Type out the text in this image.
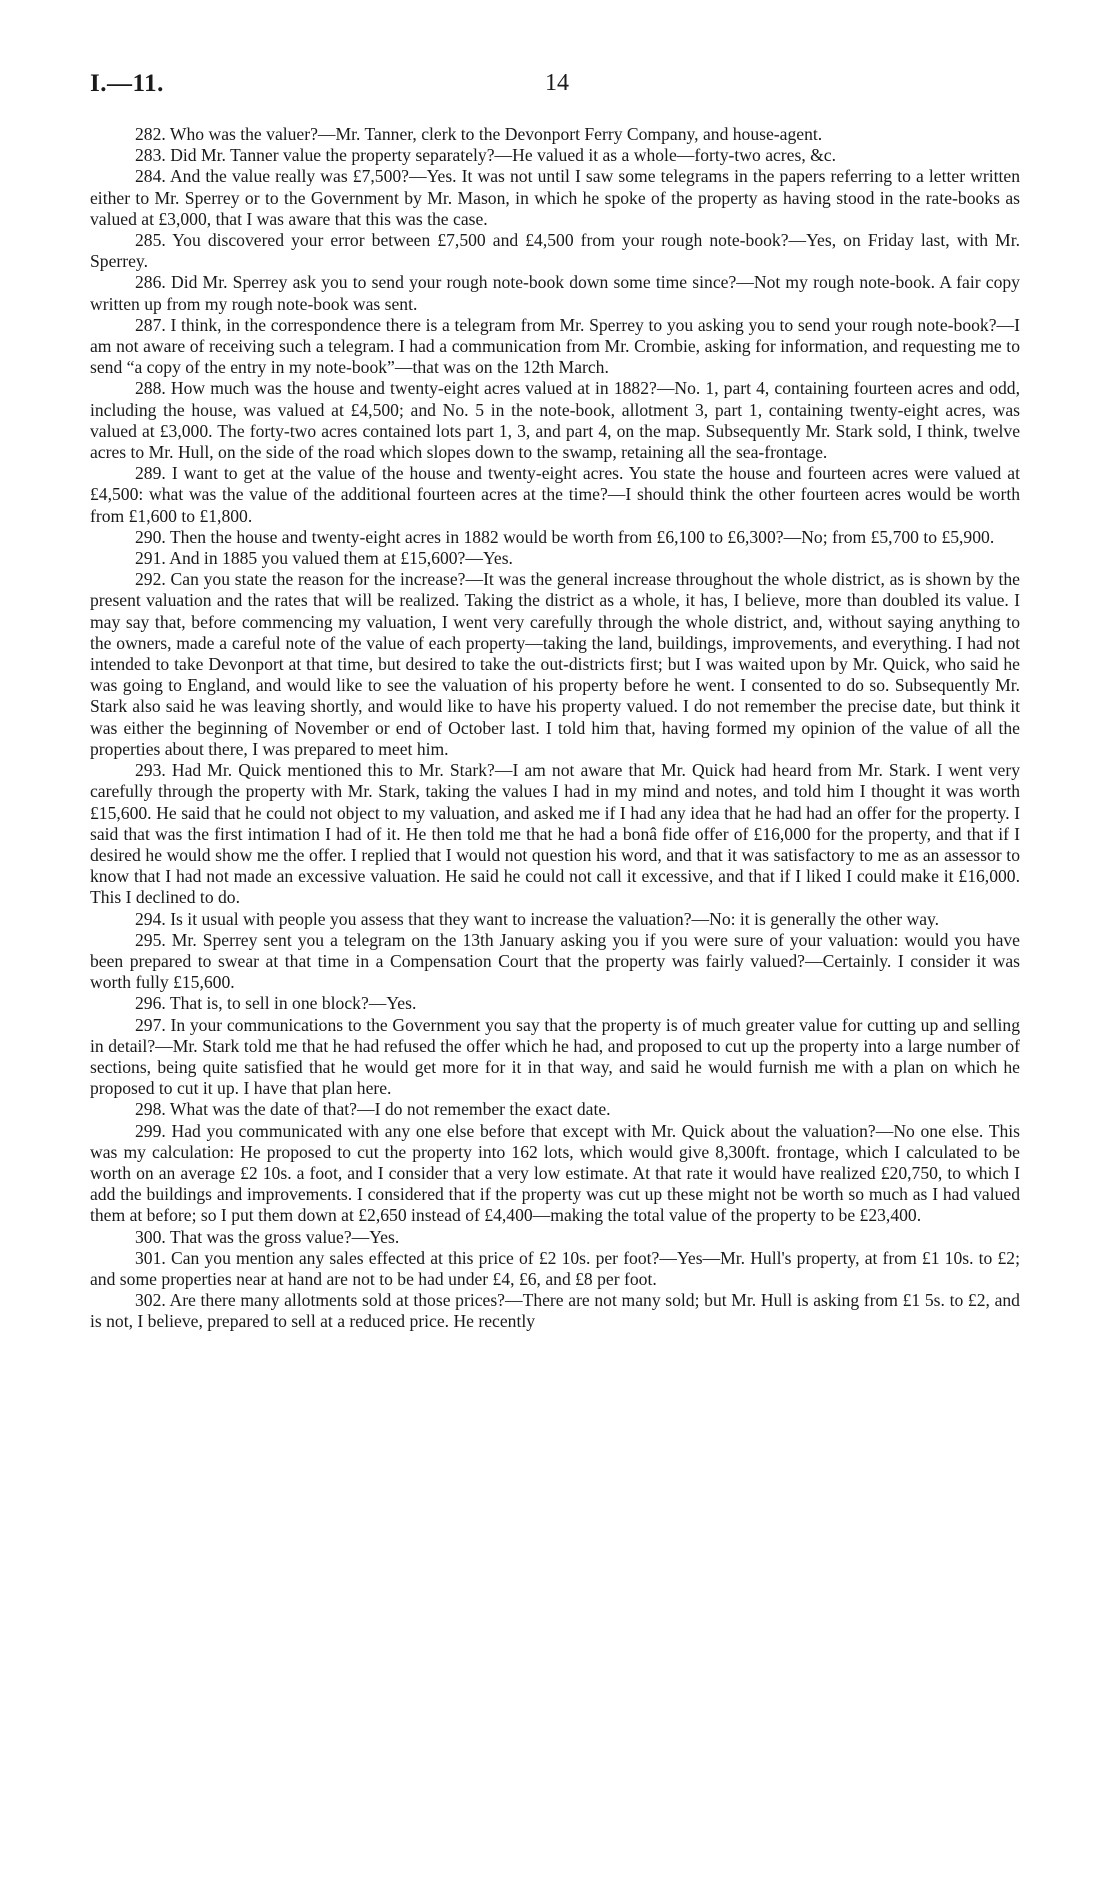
I.—11.	14

282. Who was the valuer?—Mr. Tanner, clerk to the Devonport Ferry Company, and house-agent.

283. Did Mr. Tanner value the property separately?—He valued it as a whole—forty-two acres, &c.

284. And the value really was £7,500?—Yes. It was not until I saw some telegrams in the papers referring to a letter written either to Mr. Sperrey or to the Government by Mr. Mason, in which he spoke of the property as having stood in the rate-books as valued at £3,000, that I was aware that this was the case.

285. You discovered your error between £7,500 and £4,500 from your rough note-book?—Yes, on Friday last, with Mr. Sperrey.

286. Did Mr. Sperrey ask you to send your rough note-book down some time since?—Not my rough note-book. A fair copy written up from my rough note-book was sent.

287. I think, in the correspondence there is a telegram from Mr. Sperrey to you asking you to send your rough note-book?—I am not aware of receiving such a telegram. I had a communication from Mr. Crombie, asking for information, and requesting me to send “a copy of the entry in my note-book”—that was on the 12th March.

288. How much was the house and twenty-eight acres valued at in 1882?—No. 1, part 4, containing fourteen acres and odd, including the house, was valued at £4,500; and No. 5 in the note-book, allotment 3, part 1, containing twenty-eight acres, was valued at £3,000. The forty-two acres contained lots part 1, 3, and part 4, on the map. Subsequently Mr. Stark sold, I think, twelve acres to Mr. Hull, on the side of the road which slopes down to the swamp, retaining all the sea-frontage.

289. I want to get at the value of the house and twenty-eight acres. You state the house and fourteen acres were valued at £4,500: what was the value of the additional fourteen acres at the time?—I should think the other fourteen acres would be worth from £1,600 to £1,800.

290. Then the house and twenty-eight acres in 1882 would be worth from £6,100 to £6,300?—No; from £5,700 to £5,900.

291. And in 1885 you valued them at £15,600?—Yes.

292. Can you state the reason for the increase?—It was the general increase throughout the whole district, as is shown by the present valuation and the rates that will be realized. Taking the district as a whole, it has, I believe, more than doubled its value. I may say that, before commencing my valuation, I went very carefully through the whole district, and, without saying anything to the owners, made a careful note of the value of each property—taking the land, buildings, improvements, and everything. I had not intended to take Devonport at that time, but desired to take the out-districts first; but I was waited upon by Mr. Quick, who said he was going to England, and would like to see the valuation of his property before he went. I consented to do so. Subsequently Mr. Stark also said he was leaving shortly, and would like to have his property valued. I do not remember the precise date, but think it was either the beginning of November or end of October last. I told him that, having formed my opinion of the value of all the properties about there, I was prepared to meet him.

293. Had Mr. Quick mentioned this to Mr. Stark?—I am not aware that Mr. Quick had heard from Mr. Stark. I went very carefully through the property with Mr. Stark, taking the values I had in my mind and notes, and told him I thought it was worth £15,600. He said that he could not object to my valuation, and asked me if I had any idea that he had had an offer for the property. I said that was the first intimation I had of it. He then told me that he had a bonâ fide offer of £16,000 for the property, and that if I desired he would show me the offer. I replied that I would not question his word, and that it was satisfactory to me as an assessor to know that I had not made an excessive valuation. He said he could not call it excessive, and that if I liked I could make it £16,000. This I declined to do.

294. Is it usual with people you assess that they want to increase the valuation?—No: it is generally the other way.

295. Mr. Sperrey sent you a telegram on the 13th January asking you if you were sure of your valuation: would you have been prepared to swear at that time in a Compensation Court that the property was fairly valued?—Certainly. I consider it was worth fully £15,600.

296. That is, to sell in one block?—Yes.

297. In your communications to the Government you say that the property is of much greater value for cutting up and selling in detail?—Mr. Stark told me that he had refused the offer which he had, and proposed to cut up the property into a large number of sections, being quite satisfied that he would get more for it in that way, and said he would furnish me with a plan on which he proposed to cut it up. I have that plan here.

298. What was the date of that?—I do not remember the exact date.

299. Had you communicated with any one else before that except with Mr. Quick about the valuation?—No one else. This was my calculation: He proposed to cut the property into 162 lots, which would give 8,300ft. frontage, which I calculated to be worth on an average £2 10s. a foot, and I consider that a very low estimate. At that rate it would have realized £20,750, to which I add the buildings and improvements. I considered that if the property was cut up these might not be worth so much as I had valued them at before; so I put them down at £2,650 instead of £4,400—making the total value of the property to be £23,400.

300. That was the gross value?—Yes.

301. Can you mention any sales effected at this price of £2 10s. per foot?—Yes—Mr. Hull's property, at from £1 10s. to £2; and some properties near at hand are not to be had under £4, £6, and £8 per foot.

302. Are there many allotments sold at those prices?—There are not many sold; but Mr. Hull is asking from £1 5s. to £2, and is not, I believe, prepared to sell at a reduced price. He recently
